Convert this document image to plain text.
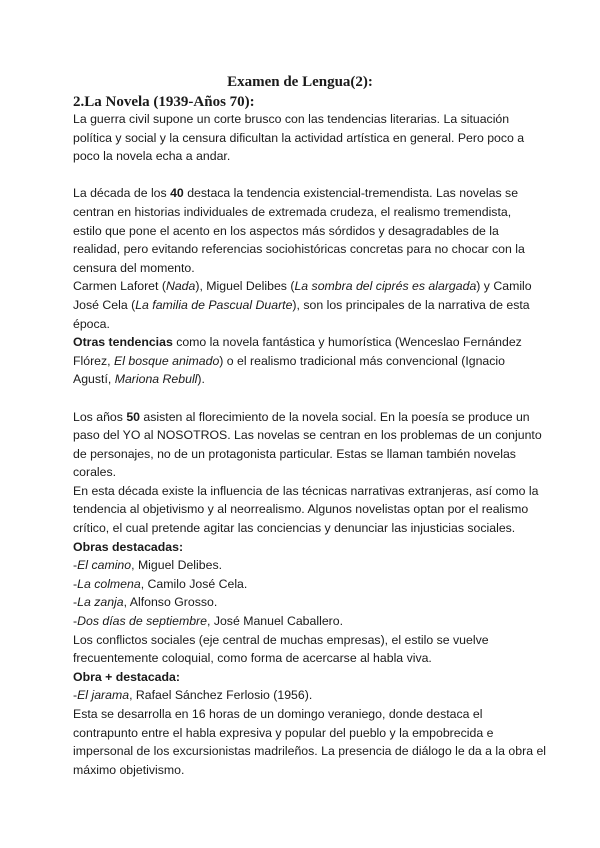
Examen de Lengua(2):
2.La Novela (1939-Años 70):
La guerra civil supone un corte brusco con las tendencias literarias. La situación
política y social y la censura dificultan la actividad artística en general. Pero poco a
poco la novela echa a andar.
La década de los 40 destaca la tendencia existencial-tremendista. Las novelas se
centran en historias individuales de extremada crudeza, el realismo tremendista,
estilo que pone el acento en los aspectos más sórdidos y desagradables de la
realidad, pero evitando referencias sociohistóricas concretas para no chocar con la
censura del momento.
Carmen Laforet (Nada), Miguel Delibes (La sombra del ciprés es alargada) y Camilo
José Cela (La familia de Pascual Duarte), son los principales de la narrativa de esta
época.
Otras tendencias como la novela fantástica y humorística (Wenceslao Fernández
Flórez, El bosque animado) o el realismo tradicional más convencional (Ignacio
Agustí, Mariona Rebull).
Los años 50 asisten al florecimiento de la novela social. En la poesía se produce un
paso del YO al NOSOTROS. Las novelas se centran en los problemas de un conjunto
de personajes, no de un protagonista particular. Estas se llaman también novelas
corales.
En esta década existe la influencia de las técnicas narrativas extranjeras, así como la
tendencia al objetivismo y al neorrealismo. Algunos novelistas optan por el realismo
crítico, el cual pretende agitar las conciencias y denunciar las injusticias sociales.
Obras destacadas:
-El camino, Miguel Delibes.
-La colmena, Camilo José Cela.
-La zanja, Alfonso Grosso.
-Dos días de septiembre, José Manuel Caballero.
Los conflictos sociales (eje central de muchas empresas), el estilo se vuelve
frecuentemente coloquial, como forma de acercarse al habla viva.
Obra + destacada:
-El jarama, Rafael Sánchez Ferlosio (1956).
Esta se desarrolla en 16 horas de un domingo veraniego, donde destaca el
contrapunto entre el habla expresiva y popular del pueblo y la empobrecida e
impersonal de los excursionistas madrileños. La presencia de diálogo le da a la obra el
máximo objetivismo.
